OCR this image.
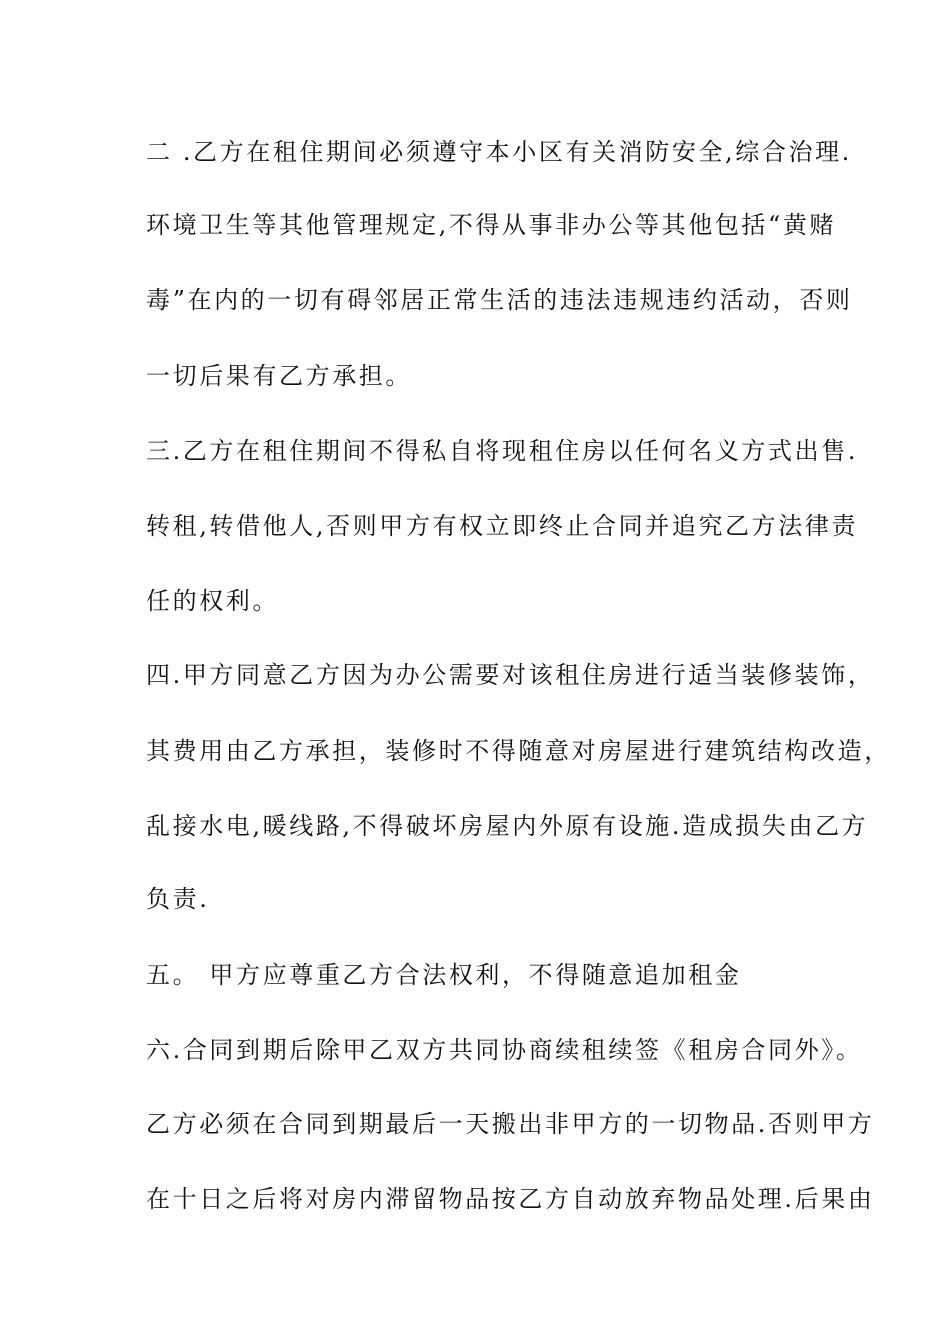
二 .乙方在租住期间必须遵守本小区有关消防安全,综合治理.
环境卫生等其他管理规定,不得从事非办公等其他包括“黄赌
毒”在内的一切有碍邻居正常生活的违法违规违约活动，否则
一切后果有乙方承担。
三.乙方在租住期间不得私自将现租住房以任何名义方式出售.
转租,转借他人,否则甲方有权立即终止合同并追究乙方法律责
任的权利。
四.甲方同意乙方因为办公需要对该租住房进行适当装修装饰，
其费用由乙方承担，装修时不得随意对房屋进行建筑结构改造，
乱接水电,暖线路,不得破坏房屋内外原有设施.造成损失由乙方
负责.
五。 甲方应尊重乙方合法权利，不得随意追加租金
六.合同到期后除甲乙双方共同协商续租续签《租房合同外》。
乙方必须在合同到期最后一天搬出非甲方的一切物品.否则甲方
在十日之后将对房内滞留物品按乙方自动放弃物品处理.后果由
